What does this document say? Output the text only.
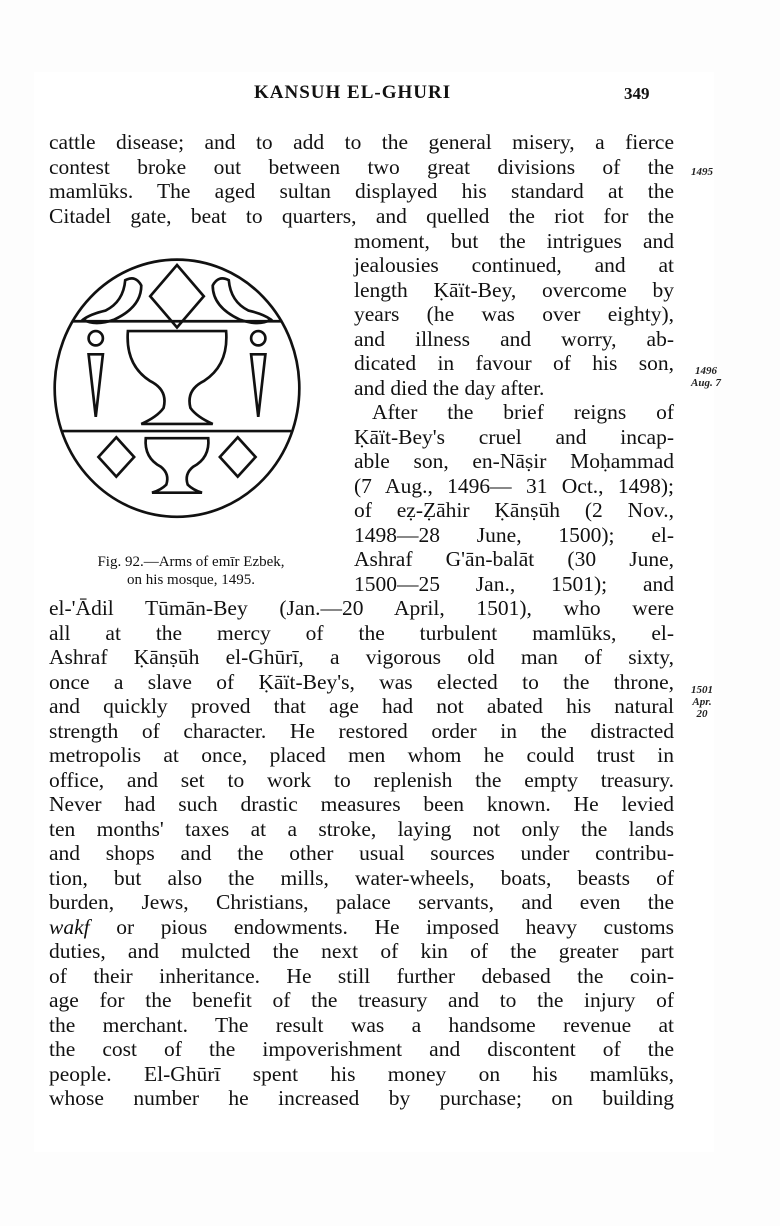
KANSUH EL-GHURI	349
cattle disease; and to add to the general misery, a fierce
contest broke out between two great divisions of the
mamlūks. The aged sultan displayed his standard at the
Citadel gate, beat to quarters, and quelled the riot for the
moment, but the intrigues and
jealousies continued, and at
length Ḳāït-Bey, overcome by
years (he was over eighty),
and illness and worry, ab-
dicated in favour of his son,
and died the day after.
After the brief reigns of
Ḳāït-Bey's cruel and incap-
able son, en-Nāṣir Moḥammad
(7 Aug., 1496— 31 Oct., 1498);
of eẓ-Ẓāhir Ḳānṣūh (2 Nov.,
1498—28 June, 1500); el-
Ashraf G'ān-balāt (30 June,
1500—25 Jan., 1501); and
el-'Ādil Tūmān-Bey (Jan.—20 April, 1501), who were
all at the mercy of the turbulent mamlūks, el-
Ashraf Ḳānṣūh el-Ghūrī, a vigorous old man of sixty,
once a slave of Ḳāït-Bey's, was elected to the throne,
and quickly proved that age had not abated his natural
strength of character. He restored order in the distracted
metropolis at once, placed men whom he could trust in
office, and set to work to replenish the empty treasury.
Never had such drastic measures been known. He levied
ten months' taxes at a stroke, laying not only the lands
and shops and the other usual sources under contribu-
tion, but also the mills, water-wheels, boats, beasts of
burden, Jews, Christians, palace servants, and even the
wakf or pious endowments. He imposed heavy customs
duties, and mulcted the next of kin of the greater part
of their inheritance. He still further debased the coin-
age for the benefit of the treasury and to the injury of
the merchant. The result was a handsome revenue at
the cost of the impoverishment and discontent of the
people. El-Ghūrī spent his money on his mamlūks,
whose number he increased by purchase; on building
1495
1496
Aug. 7
1501
Apr.
20
Fig. 92.—Arms of emīr Ezbek,
on his mosque, 1495.
